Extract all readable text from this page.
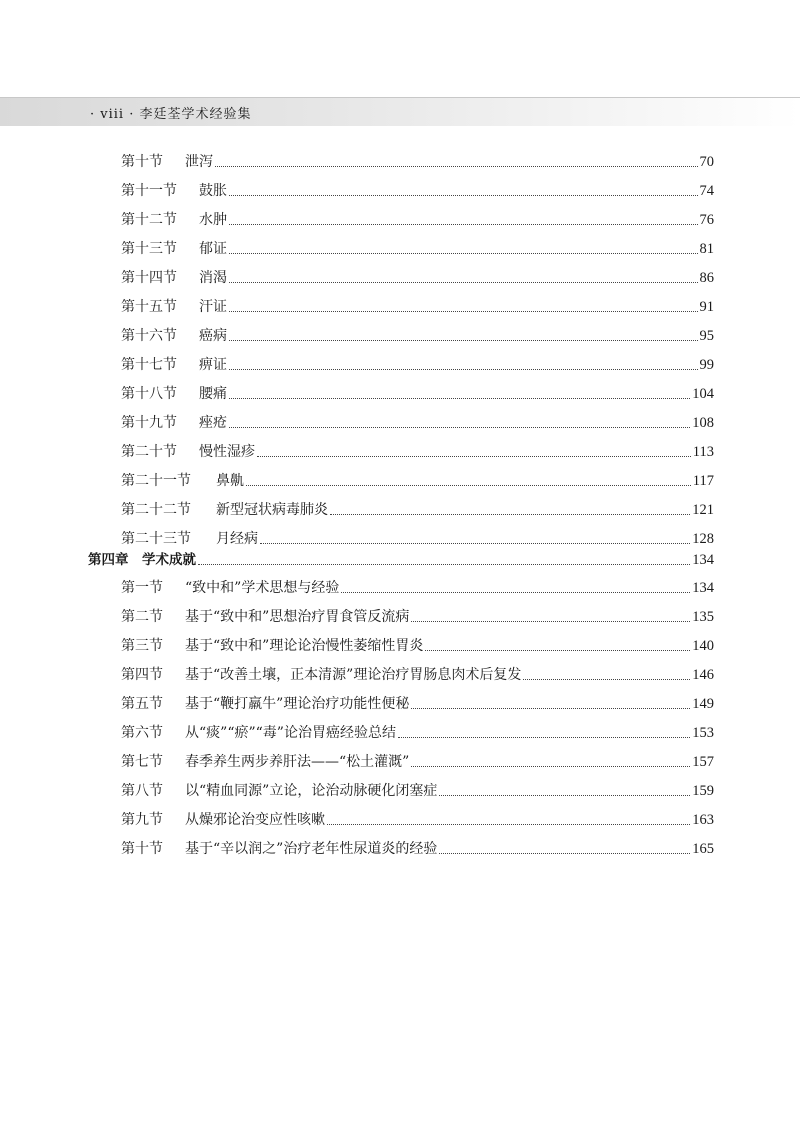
· viii · 李廷荃学术经验集
第十节	泄泻	70
第十一节	鼓胀	74
第十二节	水肿	76
第十三节	郁证	81
第十四节	消渴	86
第十五节	汗证	91
第十六节	癌病	95
第十七节	痹证	99
第十八节	腰痛	104
第十九节	痤疮	108
第二十节	慢性湿疹	113
第二十一节	鼻鼽	117
第二十二节	新型冠状病毒肺炎	121
第二十三节	月经病	128
第四章	学术成就	134
第一节	“致中和”学术思想与经验	134
第二节	基于“致中和”思想治疗胃食管反流病	135
第三节	基于“致中和”理论论治慢性萎缩性胃炎	140
第四节	基于“改善土壤，正本清源”理论治疗胃肠息肉术后复发	146
第五节	基于“鞭打羸牛”理论治疗功能性便秘	149
第六节	从“痰”“瘀”“毒”论治胃癌经验总结	153
第七节	春季养生两步养肝法——“松土灌溉”	157
第八节	以“精血同源”立论，论治动脉硬化闭塞症	159
第九节	从燥邪论治变应性咳嗽	163
第十节	基于“辛以润之”治疗老年性尿道炎的经验	165
